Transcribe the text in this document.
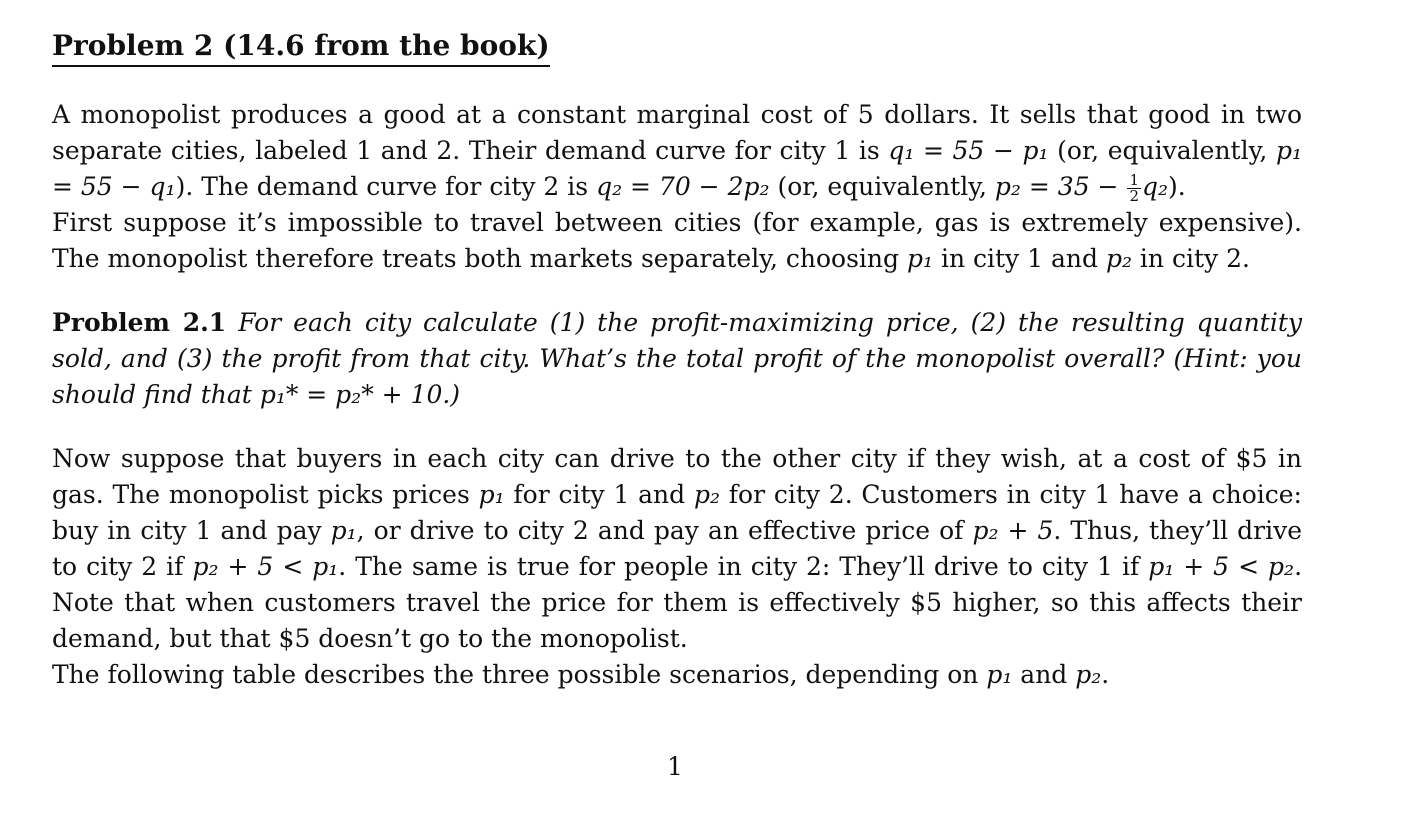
Problem 2 (14.6 from the book)

A monopolist produces a good at a constant marginal cost of 5 dollars. It sells that good in two separate cities, labeled 1 and 2. Their demand curve for city 1 is q₁ = 55 − p₁ (or, equivalently, p₁ = 55 − q₁). The demand curve for city 2 is q₂ = 70 − 2p₂ (or, equivalently, $p_2 = 35 - \frac{1}{2} q_2$).
First suppose it’s impossible to travel between cities (for example, gas is extremely expensive). The monopolist therefore treats both markets separately, choosing p₁ in city 1 and p₂ in city 2.

Problem 2.1 For each city calculate (1) the profit-maximizing price, (2) the resulting quantity sold, and (3) the profit from that city. What’s the total profit of the monopolist overall? (Hint: you should find that p₁* = p₂* + 10.)

Now suppose that buyers in each city can drive to the other city if they wish, at a cost of $5 in gas. The monopolist picks prices p₁ for city 1 and p₂ for city 2. Customers in city 1 have a choice: buy in city 1 and pay p₁, or drive to city 2 and pay an effective price of p₂ + 5. Thus, they’ll drive to city 2 if p₂ + 5 < p₁. The same is true for people in city 2: They’ll drive to city 1 if p₁ + 5 < p₂. Note that when customers travel the price for them is effectively $5 higher, so this affects their demand, but that $5 doesn’t go to the monopolist.
The following table describes the three possible scenarios, depending on p₁ and p₂.

1
